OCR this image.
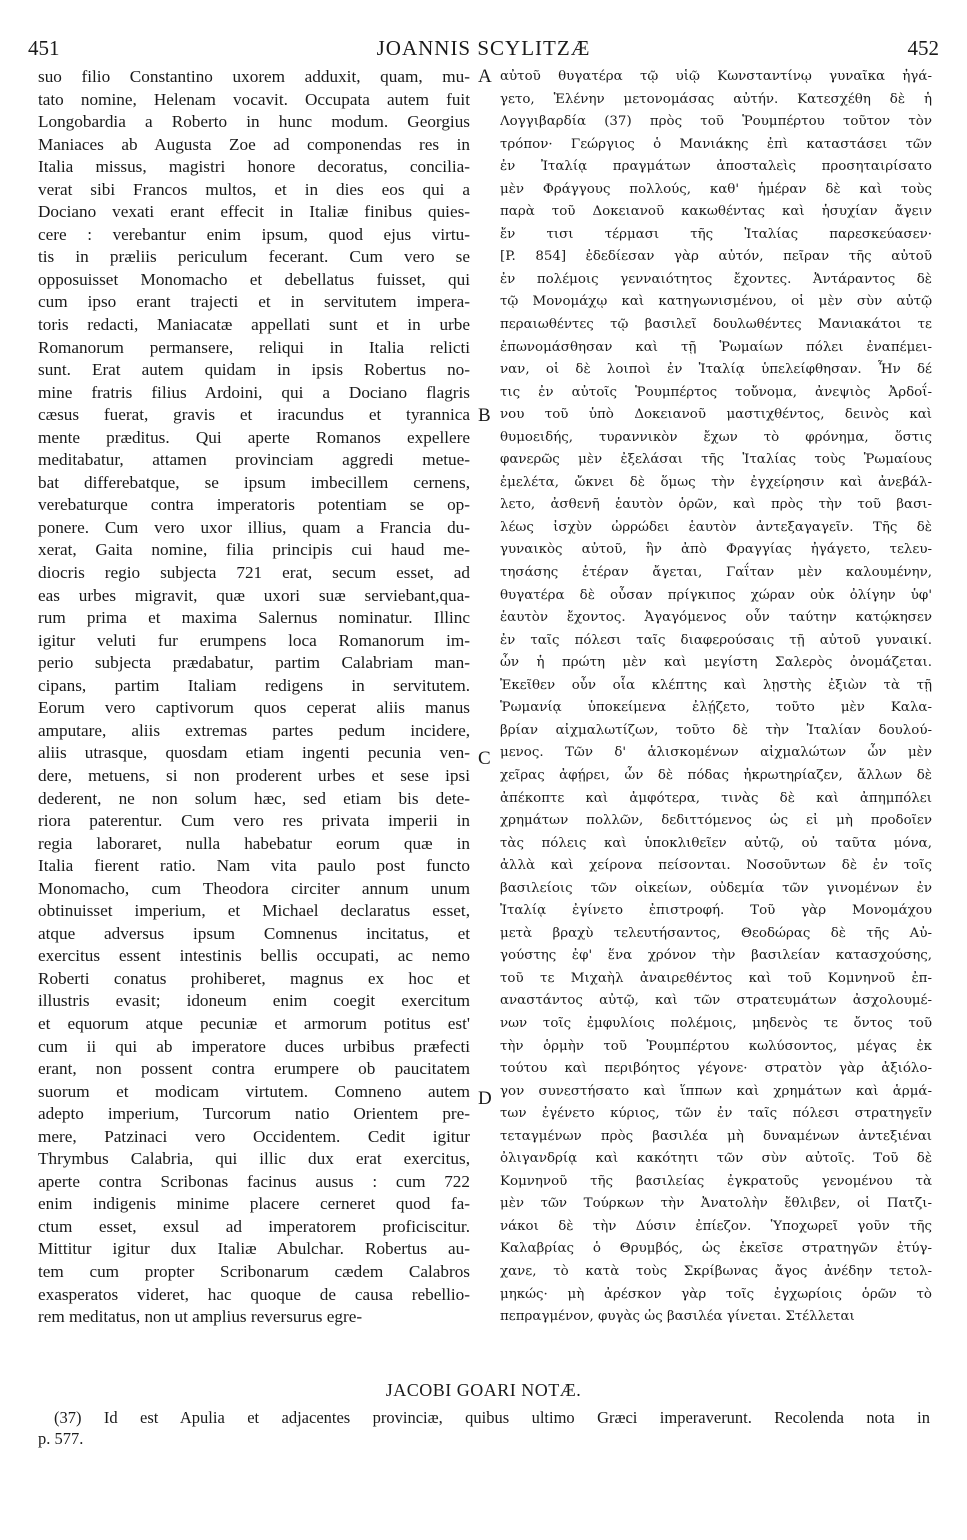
451	JOANNIS SCYLITZÆ	452
suo filio Constantino uxorem adduxit, quam, mu-
tato nomine, Helenam vocavit. Occupata autem fuit
Longobardia a Roberto in hunc modum. Georgius
Maniaces ab Augusta Zoe ad componendas res in
Italia missus, magistri honore decoratus, concilia-
verat sibi Francos multos, et in dies eos qui a
Dociano vexati erant effecit in Italiæ finibus quies-
cere : verebantur enim ipsum, quod ejus virtu-
tis in præliis periculum fecerant. Cum vero se
opposuisset Monomacho et debellatus fuisset, qui
cum ipso erant trajecti et in servitutem impera-
toris redacti, Maniacatæ appellati sunt et in urbe
Romanorum permansere, reliqui in Italia relicti
sunt. Erat autem quidam in ipsis Robertus no-
mine fratris filius Ardoini, qui a Dociano flagris
cæsus fuerat, gravis et iracundus et tyrannica
mente præditus. Qui aperte Romanos expellere
meditabatur, attamen provinciam aggredi metue-
bat differebatque, se ipsum imbecillem cernens,
verebaturque contra imperatoris potentiam se op-
ponere. Cum vero uxor illius, quam a Francia du-
xerat, Gaita nomine, filia principis cui haud me-
diocris regio subjecta 721 erat, secum esset, ad
eas urbes migravit, quæ uxori suæ serviebant,qua-
rum prima et maxima Salernus nominatur. Illinc
igitur veluti fur erumpens loca Romanorum im-
perio subjecta prædabatur, partim Calabriam man-
cipans, partim Italiam redigens in servitutem.
Eorum vero captivorum quos ceperat aliis manus
amputare, aliis extremas partes pedum incidere,
aliis utrasque, quosdam etiam ingenti pecunia ven-
dere, metuens, si non proderent urbes et sese ipsi
dederent, ne non solum hæc, sed etiam bis dete-
riora paterentur. Cum vero res privata imperii in
regia laboraret, nulla habebatur eorum quæ in
Italia fierent ratio. Nam vita paulo post functo
Monomacho, cum Theodora circiter annum unum
obtinuisset imperium, et Michael declaratus esset,
atque adversus ipsum Comnenus incitatus, et
exercitus essent intestinis bellis occupati, ac nemo
Roberti conatus prohiberet, magnus ex hoc et
illustris evasit; idoneum enim coegit exercitum
et equorum atque pecuniæ et armorum potitus est'
cum ii qui ab imperatore duces urbibus præfecti
erant, non possent contra erumpere ob paucitatem
suorum et modicam virtutem. Comneno autem
adepto imperium, Turcorum natio Orientem pre-
mere, Patzinaci vero Occidentem. Cedit igitur
Thrymbus Calabria, qui illic dux erat exercitus,
aperte contra Scribonas facinus ausus : cum 722
enim indigenis minime placere cerneret quod fa-
ctum esset, exsul ad imperatorem proficiscitur.
Mittitur igitur dux Italiæ Abulchar. Robertus au-
tem cum propter Scribonarum cædem Calabros
exasperatos videret, hac quoque de causa rebellio-
rem meditatus, non ut amplius reversurus egre-
αὐτοῦ θυγατέρα τῷ υἱῷ Κωνσταντίνῳ γυναῖκα ἠγά-
γετο, Ἑλένην μετονομάσας αὐτήν. Κατεσχέθη δὲ ἡ
Λογγιβαρδία (37) πρὸς τοῦ Ῥουμπέρτου τοῦτον τὸν
τρόπον· Γεώργιος ὁ Μανιάκης ἐπὶ καταστάσει τῶν
ἐν Ἰταλίᾳ πραγμάτων ἀποσταλεὶς προσηταιρίσατο
μὲν Φράγγους πολλούς, καθ' ἡμέραν δὲ καὶ τοὺς
παρὰ τοῦ Δοκειανοῦ κακωθέντας καὶ ἡσυχίαν ἄγειν
ἔν τισι τέρμασι τῆς Ἰταλίας παρεσκεύασεν·
[P. 854] ἐδεδίεσαν γὰρ αὐτόν, πεῖραν τῆς αὐτοῦ
ἐν πολέμοις γενναιότητος ἔχοντες. Ἀντάραντος δὲ
τῷ Μονομάχῳ καὶ κατηγωνισμένου, οἱ μὲν σὺν αὐτῷ
περαιωθέντες τῷ βασιλεῖ δουλωθέντες Μανιακάτοι τε
ἐπωνομάσθησαν καὶ τῇ Ῥωμαίων πόλει ἐναπέμει-
ναν, οἱ δὲ λοιποὶ ἐν Ἰταλίᾳ ὑπελείφθησαν. Ἦν δέ
τις ἐν αὐτοῖς Ῥουμπέρτος τοὔνομα, ἀνεψιὸς Ἀρδοΐ-
νου τοῦ ὑπὸ Δοκειανοῦ μαστιχθέντος, δεινὸς καὶ
θυμοειδής, τυραννικὸν ἔχων τὸ φρόνημα, ὅστις
φανερῶς μὲν ἐξελάσαι τῆς Ἰταλίας τοὺς Ῥωμαίους
ἐμελέτα, ὤκνει δὲ ὅμως τὴν ἐγχείρησιν καὶ ἀνεβάλ-
λετο, ἀσθενῆ ἑαυτὸν ὁρῶν, καὶ πρὸς τὴν τοῦ βασι-
λέως ἰσχὺν ὠρρώδει ἑαυτὸν ἀντεξαγαγεῖν. Τῆς δὲ
γυναικὸς αὐτοῦ, ἣν ἀπὸ Φραγγίας ἠγάγετο, τελευ-
τησάσης ἑτέραν ἄγεται, Γαΐταν μὲν καλουμένην,
θυγατέρα δὲ οὖσαν πρίγκιπος χώραν οὐκ ὀλίγην ὑφ'
ἑαυτὸν ἔχοντος. Ἀγαγόμενος οὖν ταύτην κατῴκησεν
ἐν ταῖς πόλεσι ταῖς διαφερούσαις τῇ αὐτοῦ γυναικί.
ὧν ἡ πρώτη μὲν καὶ μεγίστη Σαλερὸς ὀνομάζεται.
Ἐκεῖθεν οὖν οἷα κλέπτης καὶ λῃστὴς ἐξιὼν τὰ τῇ
Ῥωμανίᾳ ὑποκείμενα ἐλῄζετο, τοῦτο μὲν Καλα-
βρίαν αἰχμαλωτίζων, τοῦτο δὲ τὴν Ἰταλίαν δουλού-
μενος. Τῶν δ' ἁλισκομένων αἰχμαλώτων ὧν μὲν
χεῖρας ἀφῄρει, ὧν δὲ πόδας ἠκρωτηρίαζεν, ἄλλων δὲ
ἀπέκοπτε καὶ ἀμφότερα, τινὰς δὲ καὶ ἀπημπόλει
χρημάτων πολλῶν, δεδιττόμενος ὡς εἰ μὴ προδοῖεν
τὰς πόλεις καὶ ὑποκλιθεῖεν αὐτῷ, οὐ ταῦτα μόνα,
ἀλλὰ καὶ χείρονα πείσονται. Νοσοῦντων δὲ ἐν τοῖς
βασιλείοις τῶν οἰκείων, οὐδεμία τῶν γινομένων ἐν
Ἰταλίᾳ ἐγίνετο ἐπιστροφή. Τοῦ γὰρ Μονομάχου
μετὰ βραχὺ τελευτήσαντος, Θεοδώρας δὲ τῆς Αὐ-
γούστης ἐφ' ἕνα χρόνον τὴν βασιλείαν κατασχούσης,
τοῦ τε Μιχαὴλ ἀναιρεθέντος καὶ τοῦ Κομνηνοῦ ἐπ-
αναστάντος αὐτῷ, καὶ τῶν στρατευμάτων ἀσχολουμέ-
νων τοῖς ἐμφυλίοις πολέμοις, μηδενὸς τε ὄντος τοῦ
τὴν ὁρμὴν τοῦ Ῥουμπέρτου κωλύσοντος, μέγας ἐκ
τούτου καὶ περιβόητος γέγονε· στρατὸν γὰρ ἀξιόλο-
γον συνεστήσατο καὶ ἵππων καὶ χρημάτων καὶ ἁρμά-
των ἐγένετο κύριος, τῶν ἐν ταῖς πόλεσι στρατηγεῖν
τεταγμένων πρὸς βασιλέα μὴ δυναμένων ἀντεξιέναι
ὀλιγανδρίᾳ καὶ κακότητι τῶν σὺν αὐτοῖς. Τοῦ δὲ
Κομνηνοῦ τῆς βασιλείας ἐγκρατοῦς γενομένου τὰ
μὲν τῶν Τούρκων τὴν Ἀνατολὴν ἔθλιβεν, οἱ Πατζι-
νάκοι δὲ τὴν Δύσιν ἐπίεζον. Ὑποχωρεῖ γοῦν τῆς
Καλαβρίας ὁ Θρυμβός, ὡς ἐκεῖσε στρατηγῶν ἐτύγ-
χανε, τὸ κατὰ τοὺς Σκρίβωνας ἄγος ἀνέδην τετολ-
μηκώς· μὴ ἀρέσκον γὰρ τοῖς ἐγχωρίοις ὁρῶν τὸ
πεπραγμένον, φυγὰς ὡς βασιλέα γίνεται. Στέλλεται
A
B
C
D
JACOBI GOARI NOTÆ.
(37) Id est Apulia et adjacentes provinciæ, quibus ultimo Græci imperaverunt. Recolenda nota in
p. 577.
